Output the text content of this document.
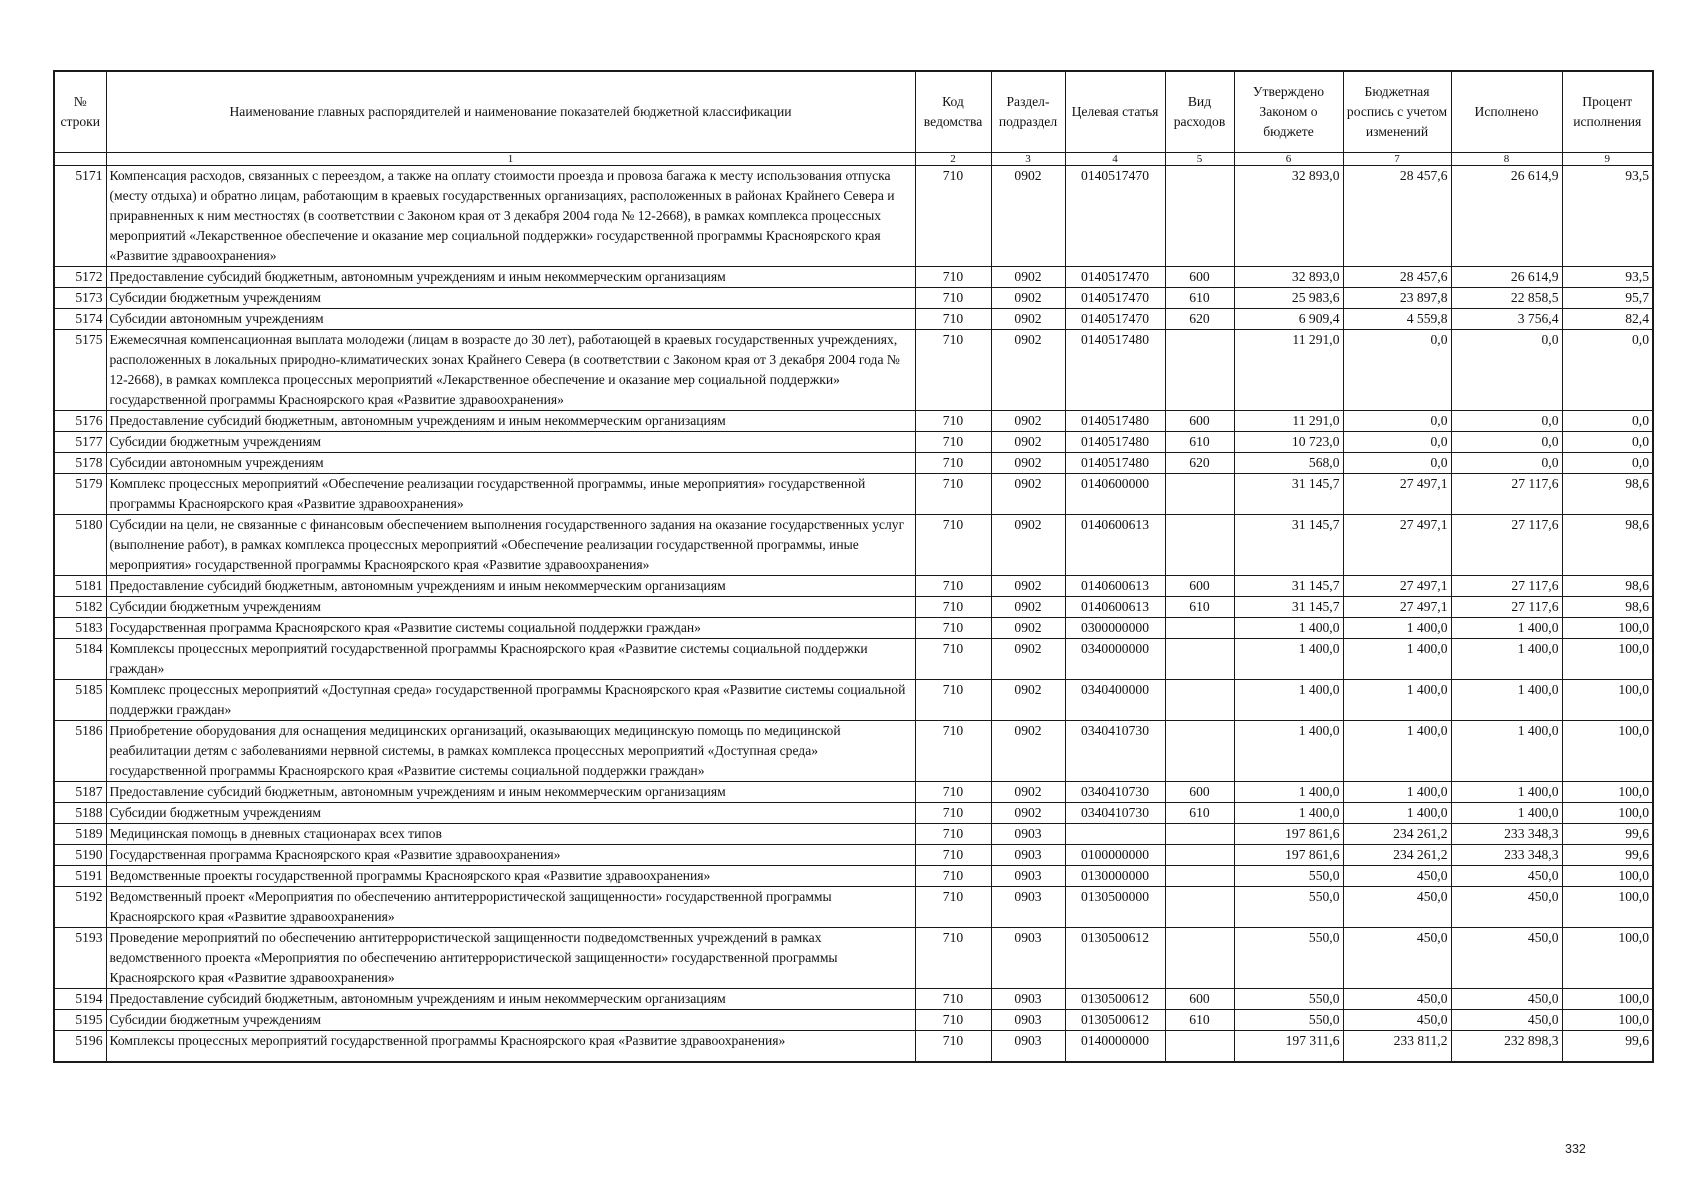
№ строки	Наименование главных распорядителей и наименование показателей бюджетной классификации	Код ведомства	Раздел-подраздел	Целевая статья	Вид расходов	Утверждено Законом о бюджете	Бюджетная роспись с учетом изменений	Исполнено	Процент исполнения
	1	2	3	4	5	6	7	8	9
5171	Компенсация расходов, связанных с переездом, а также на оплату стоимости проезда и провоза багажа к месту использования отпуска (месту отдыха) и обратно лицам, работающим в краевых государственных организациях, расположенных в районах Крайнего Севера и приравненных к ним местностях (в соответствии с Законом края от 3 декабря 2004 года № 12-2668), в рамках комплекса процессных мероприятий «Лекарственное обеспечение и оказание мер социальной поддержки» государственной программы Красноярского края «Развитие здравоохранения»	710	0902	0140517470		32 893,0	28 457,6	26 614,9	93,5
5172	Предоставление субсидий бюджетным, автономным учреждениям и иным некоммерческим организациям	710	0902	0140517470	600	32 893,0	28 457,6	26 614,9	93,5
5173	Субсидии бюджетным учреждениям	710	0902	0140517470	610	25 983,6	23 897,8	22 858,5	95,7
5174	Субсидии автономным учреждениям	710	0902	0140517470	620	6 909,4	4 559,8	3 756,4	82,4
5175	Ежемесячная компенсационная выплата молодежи (лицам в возрасте до 30 лет), работающей в краевых государственных учреждениях, расположенных в локальных природно-климатических зонах Крайнего Севера (в соответствии с Законом края от 3 декабря 2004 года № 12-2668), в рамках комплекса процессных мероприятий «Лекарственное обеспечение и оказание мер социальной поддержки» государственной программы Красноярского края «Развитие здравоохранения»	710	0902	0140517480		11 291,0	0,0	0,0	0,0
5176	Предоставление субсидий бюджетным, автономным учреждениям и иным некоммерческим организациям	710	0902	0140517480	600	11 291,0	0,0	0,0	0,0
5177	Субсидии бюджетным учреждениям	710	0902	0140517480	610	10 723,0	0,0	0,0	0,0
5178	Субсидии автономным учреждениям	710	0902	0140517480	620	568,0	0,0	0,0	0,0
5179	Комплекс процессных мероприятий «Обеспечение реализации государственной программы, иные мероприятия» государственной программы Красноярского края «Развитие здравоохранения»	710	0902	0140600000		31 145,7	27 497,1	27 117,6	98,6
5180	Субсидии на цели, не связанные с финансовым обеспечением выполнения государственного задания на оказание государственных услуг (выполнение работ), в рамках комплекса процессных мероприятий «Обеспечение реализации государственной программы, иные мероприятия» государственной программы Красноярского края «Развитие здравоохранения»	710	0902	0140600613		31 145,7	27 497,1	27 117,6	98,6
5181	Предоставление субсидий бюджетным, автономным учреждениям и иным некоммерческим организациям	710	0902	0140600613	600	31 145,7	27 497,1	27 117,6	98,6
5182	Субсидии бюджетным учреждениям	710	0902	0140600613	610	31 145,7	27 497,1	27 117,6	98,6
5183	Государственная программа Красноярского края «Развитие системы социальной поддержки граждан»	710	0902	0300000000		1 400,0	1 400,0	1 400,0	100,0
5184	Комплексы процессных мероприятий государственной программы Красноярского края «Развитие системы социальной поддержки граждан»	710	0902	0340000000		1 400,0	1 400,0	1 400,0	100,0
5185	Комплекс процессных мероприятий «Доступная среда» государственной программы Красноярского края «Развитие системы социальной поддержки граждан»	710	0902	0340400000		1 400,0	1 400,0	1 400,0	100,0
5186	Приобретение оборудования для оснащения медицинских организаций, оказывающих медицинскую помощь по медицинской реабилитации детям с заболеваниями нервной системы, в рамках комплекса процессных мероприятий «Доступная среда» государственной программы Красноярского края «Развитие системы социальной поддержки граждан»	710	0902	0340410730		1 400,0	1 400,0	1 400,0	100,0
5187	Предоставление субсидий бюджетным, автономным учреждениям и иным некоммерческим организациям	710	0902	0340410730	600	1 400,0	1 400,0	1 400,0	100,0
5188	Субсидии бюджетным учреждениям	710	0902	0340410730	610	1 400,0	1 400,0	1 400,0	100,0
5189	Медицинская помощь в дневных стационарах всех типов	710	0903			197 861,6	234 261,2	233 348,3	99,6
5190	Государственная программа Красноярского края «Развитие здравоохранения»	710	0903	0100000000		197 861,6	234 261,2	233 348,3	99,6
5191	Ведомственные проекты государственной программы Красноярского края «Развитие здравоохранения»	710	0903	0130000000		550,0	450,0	450,0	100,0
5192	Ведомственный проект «Мероприятия по обеспечению антитеррористической защищенности» государственной программы Красноярского края «Развитие здравоохранения»	710	0903	0130500000		550,0	450,0	450,0	100,0
5193	Проведение мероприятий по обеспечению антитеррористической защищенности подведомственных учреждений в рамках ведомственного проекта «Мероприятия по обеспечению антитеррористической защищенности» государственной программы Красноярского края «Развитие здравоохранения»	710	0903	0130500612		550,0	450,0	450,0	100,0
5194	Предоставление субсидий бюджетным, автономным учреждениям и иным некоммерческим организациям	710	0903	0130500612	600	550,0	450,0	450,0	100,0
5195	Субсидии бюджетным учреждениям	710	0903	0130500612	610	550,0	450,0	450,0	100,0
5196	Комплексы процессных мероприятий государственной программы Красноярского края «Развитие здравоохранения»	710	0903	0140000000		197 311,6	233 811,2	232 898,3	99,6
332
